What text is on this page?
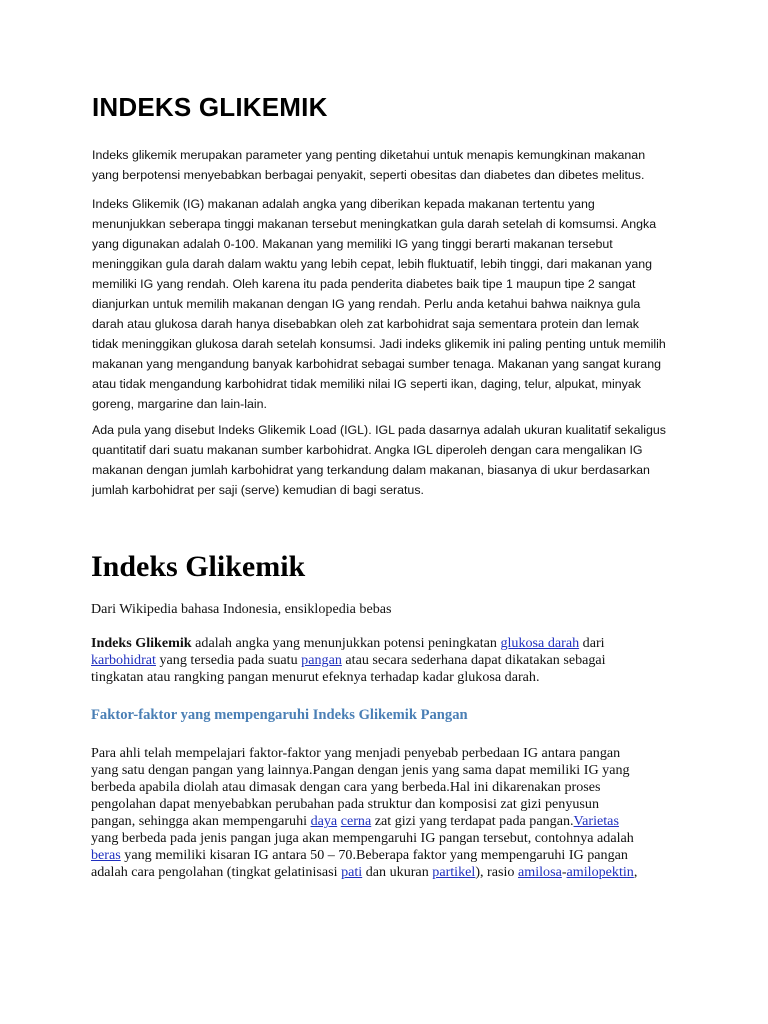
INDEKS GLIKEMIK

Indeks glikemik merupakan parameter yang penting diketahui untuk menapis kemungkinan makanan
yang berpotensi menyebabkan berbagai penyakit, seperti obesitas dan diabetes dan dibetes melitus.

Indeks Glikemik (IG) makanan adalah angka yang diberikan kepada makanan tertentu yang
menunjukkan seberapa tinggi makanan tersebut meningkatkan gula darah setelah di komsumsi. Angka
yang digunakan adalah 0-100. Makanan yang memiliki IG yang tinggi berarti makanan tersebut
meninggikan gula darah dalam waktu yang lebih cepat, lebih fluktuatif, lebih tinggi, dari makanan yang
memiliki IG yang rendah. Oleh karena itu pada penderita diabetes baik tipe 1 maupun tipe 2 sangat
dianjurkan untuk memilih makanan dengan IG yang rendah. Perlu anda ketahui bahwa naiknya gula
darah atau glukosa darah hanya disebabkan oleh zat karbohidrat saja sementara protein dan lemak
tidak meninggikan glukosa darah setelah konsumsi. Jadi indeks glikemik ini paling penting untuk memilih
makanan yang mengandung banyak karbohidrat sebagai sumber tenaga. Makanan yang sangat kurang
atau tidak mengandung karbohidrat tidak memiliki nilai IG seperti ikan, daging, telur, alpukat, minyak
goreng, margarine dan lain-lain.

Ada pula yang disebut Indeks Glikemik Load (IGL). IGL pada dasarnya adalah ukuran kualitatif sekaligus
quantitatif dari suatu makanan sumber karbohidrat. Angka IGL diperoleh dengan cara mengalikan IG
makanan dengan jumlah karbohidrat yang terkandung dalam makanan, biasanya di ukur berdasarkan
jumlah karbohidrat per saji (serve) kemudian di bagi seratus.

Indeks Glikemik

Dari Wikipedia bahasa Indonesia, ensiklopedia bebas

Indeks Glikemik adalah angka yang menunjukkan potensi peningkatan glukosa darah dari
karbohidrat yang tersedia pada suatu pangan atau secara sederhana dapat dikatakan sebagai
tingkatan atau rangking pangan menurut efeknya terhadap kadar glukosa darah.

Faktor-faktor yang mempengaruhi Indeks Glikemik Pangan

Para ahli telah mempelajari faktor-faktor yang menjadi penyebab perbedaan IG antara pangan
yang satu dengan pangan yang lainnya.Pangan dengan jenis yang sama dapat memiliki IG yang
berbeda apabila diolah atau dimasak dengan cara yang berbeda.Hal ini dikarenakan proses
pengolahan dapat menyebabkan perubahan pada struktur dan komposisi zat gizi penyusun
pangan, sehingga akan mempengaruhi daya cerna zat gizi yang terdapat pada pangan.Varietas
yang berbeda pada jenis pangan juga akan mempengaruhi IG pangan tersebut, contohnya adalah
beras yang memiliki kisaran IG antara 50 – 70.Beberapa faktor yang mempengaruhi IG pangan
adalah cara pengolahan (tingkat gelatinisasi pati dan ukuran partikel), rasio amilosa-amilopektin,
